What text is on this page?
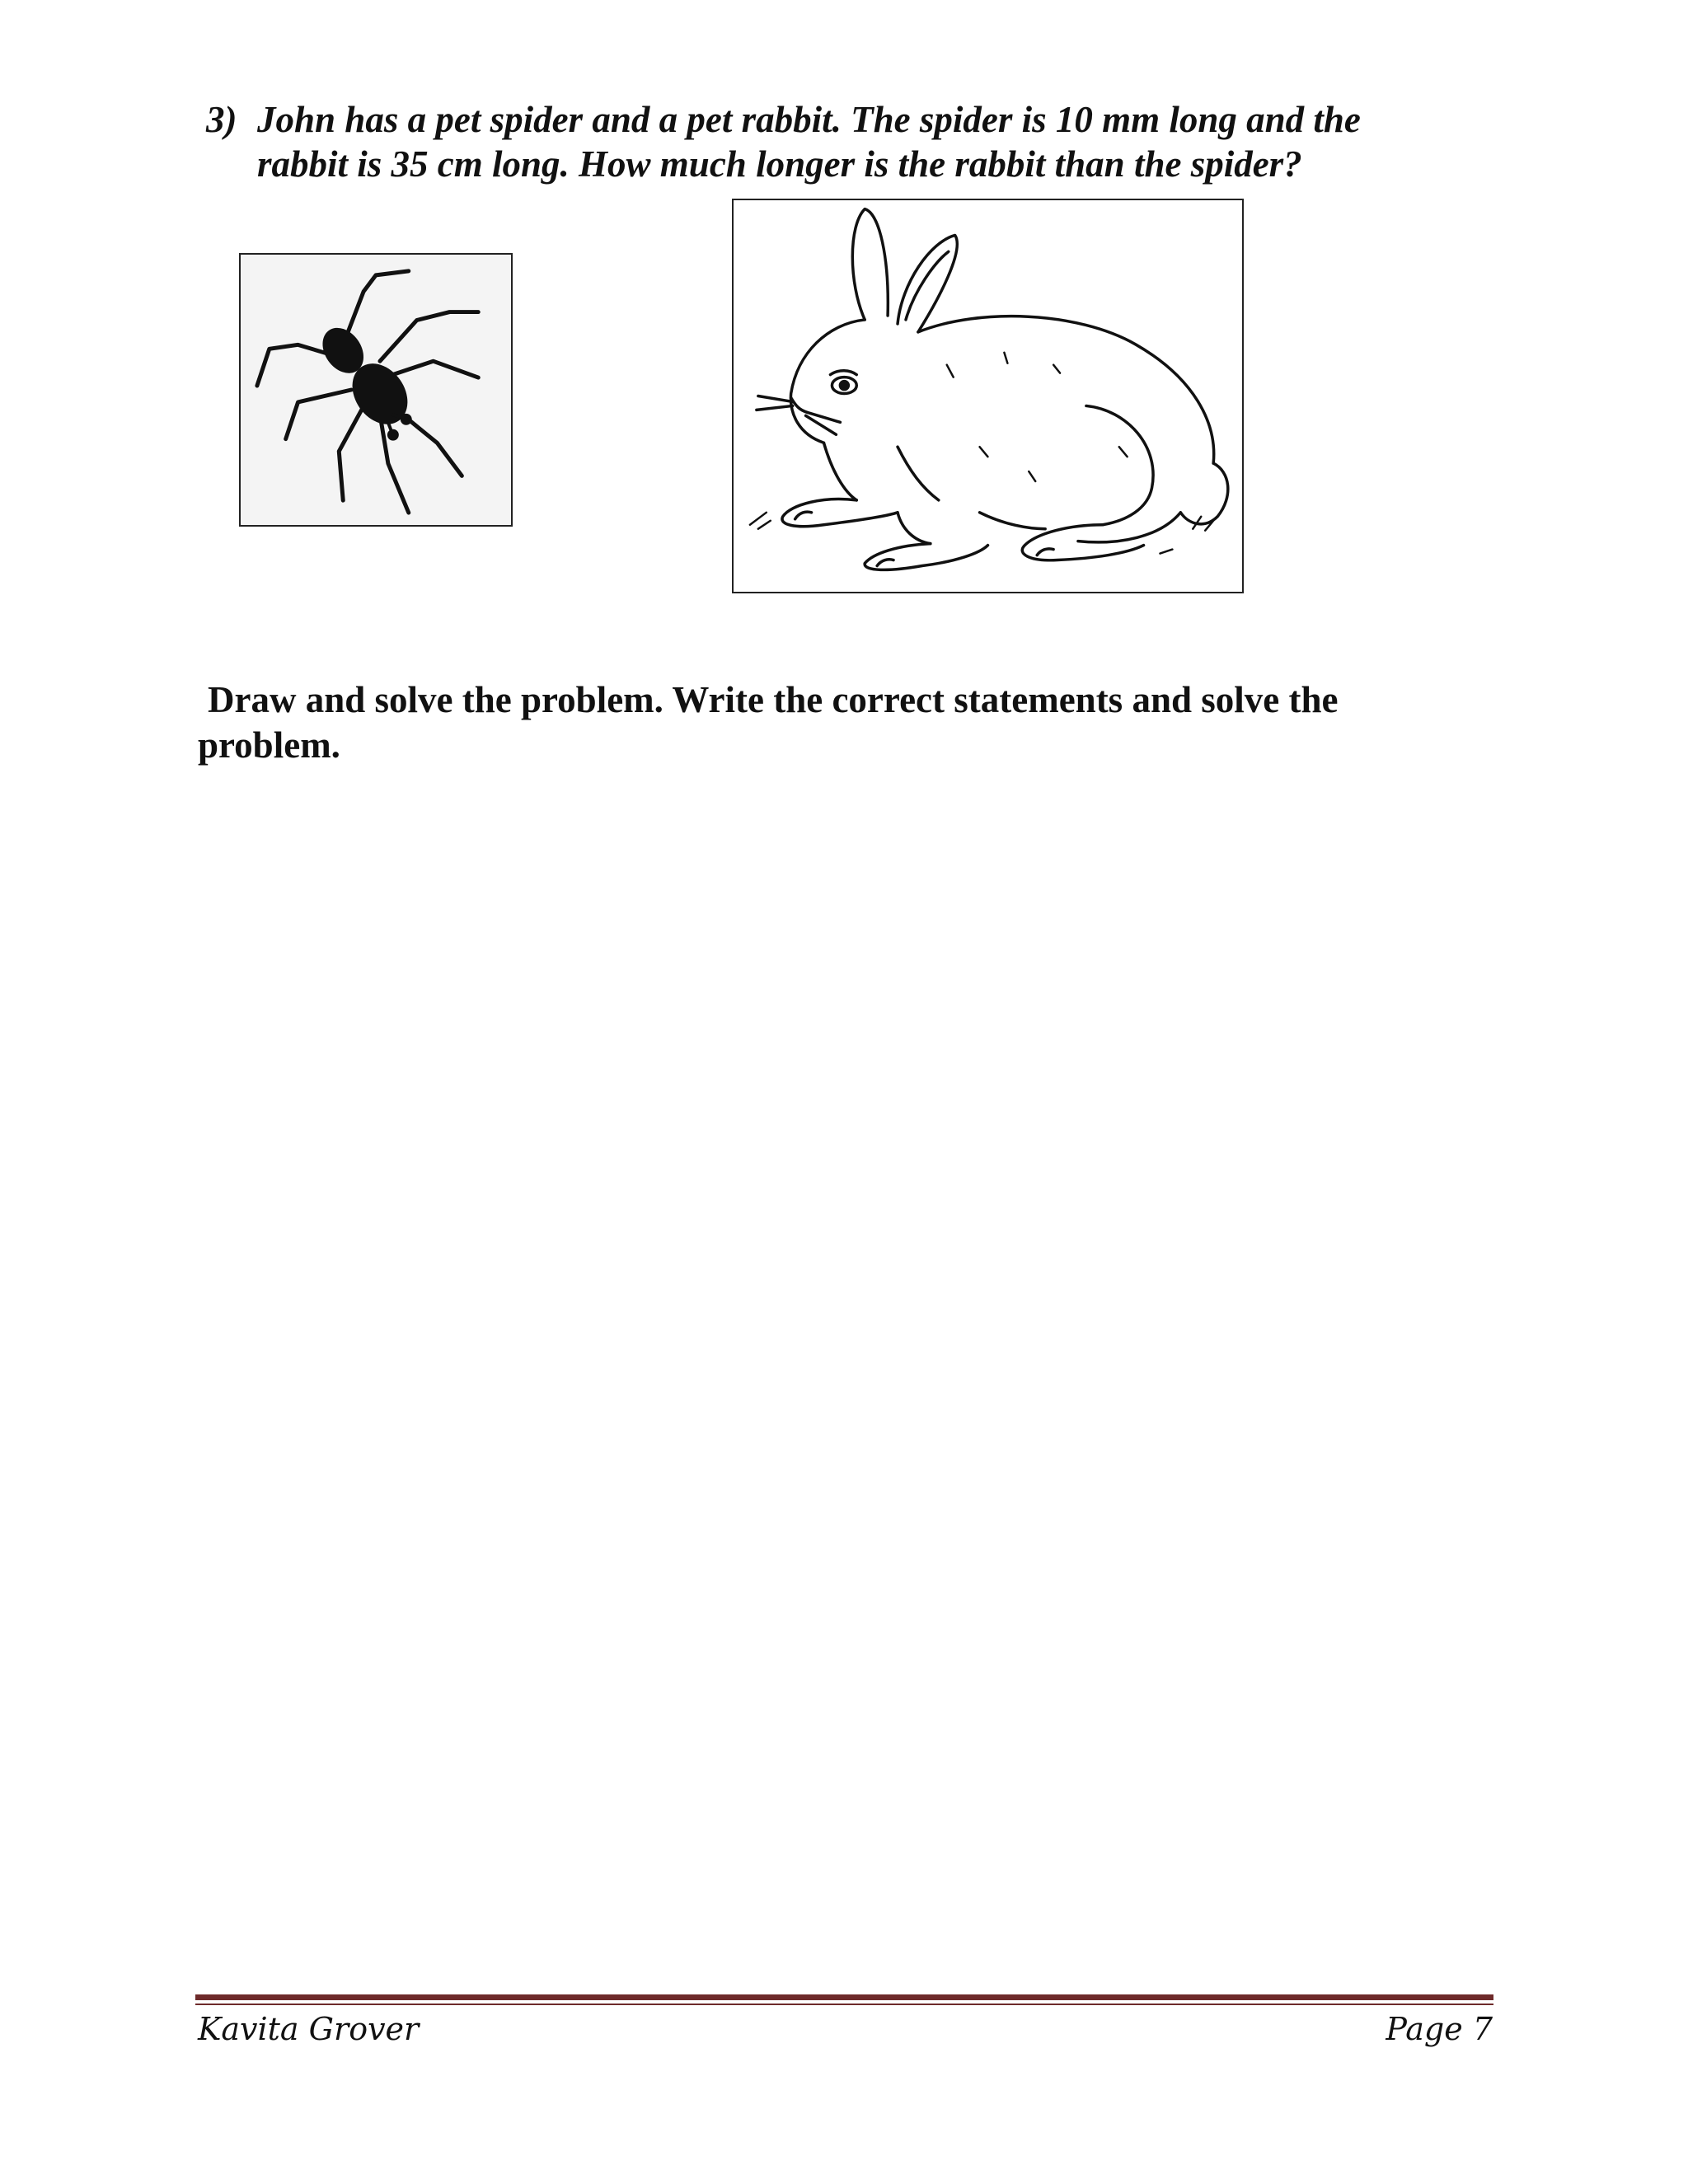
3) John has a pet spider and a pet rabbit. The spider is 10 mm long and the
rabbit is 35 cm long. How much longer is the rabbit than the spider?
Draw and solve the problem. Write the correct statements and solve the
problem.
Kavita Grover	Page 7
